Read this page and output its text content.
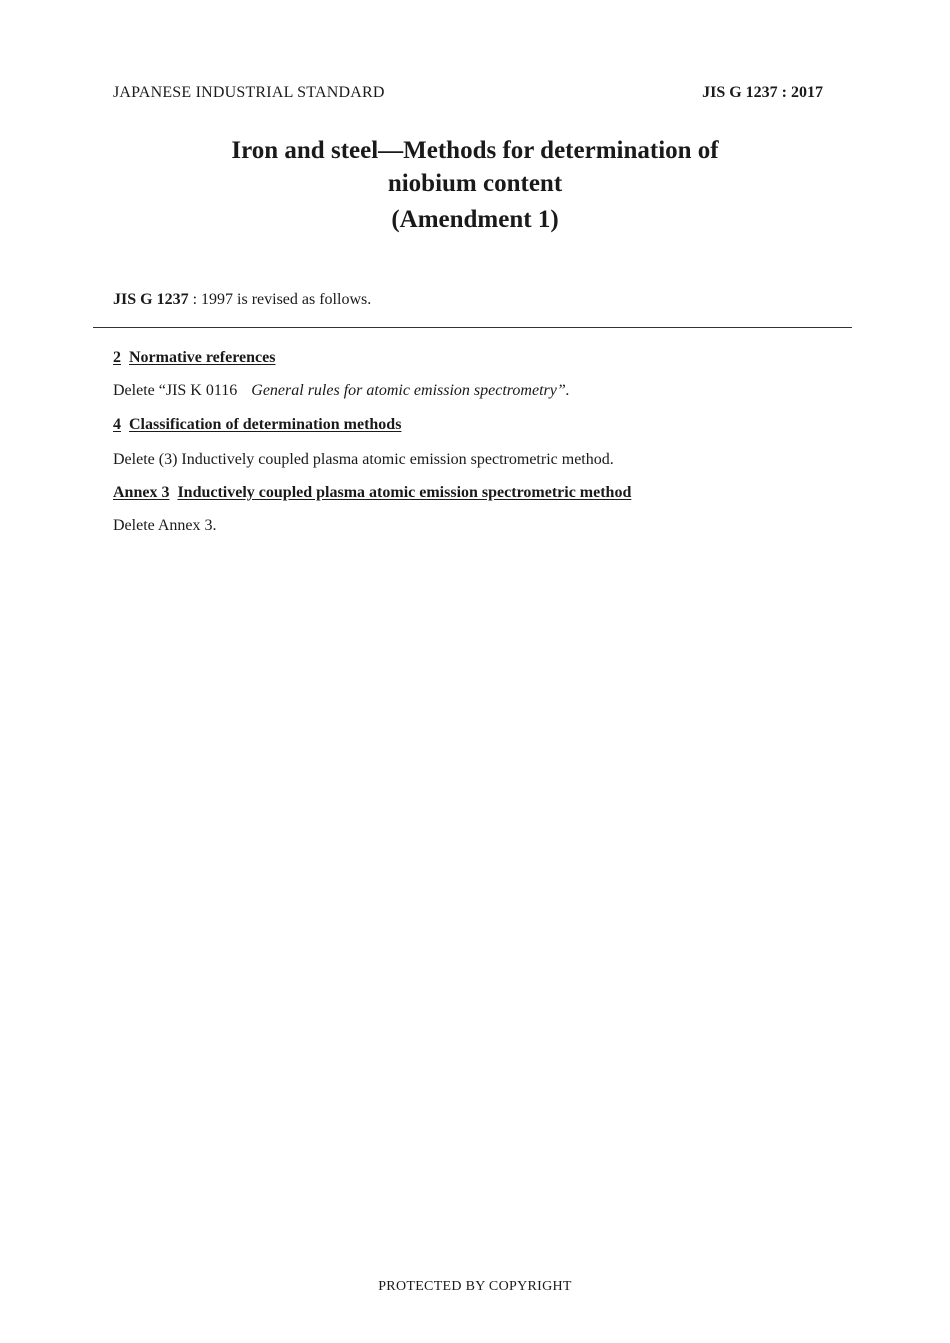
JAPANESE INDUSTRIAL STANDARD	JIS G 1237 : 2017
Iron and steel—Methods for determination of
niobium content
(Amendment 1)
JIS G 1237 : 1997 is revised as follows.
2 Normative references
Delete “JIS K 0116 General rules for atomic emission spectrometry”.
4 Classification of determination methods
Delete (3) Inductively coupled plasma atomic emission spectrometric method.
Annex 3 Inductively coupled plasma atomic emission spectrometric method
Delete Annex 3.
PROTECTED BY COPYRIGHT
